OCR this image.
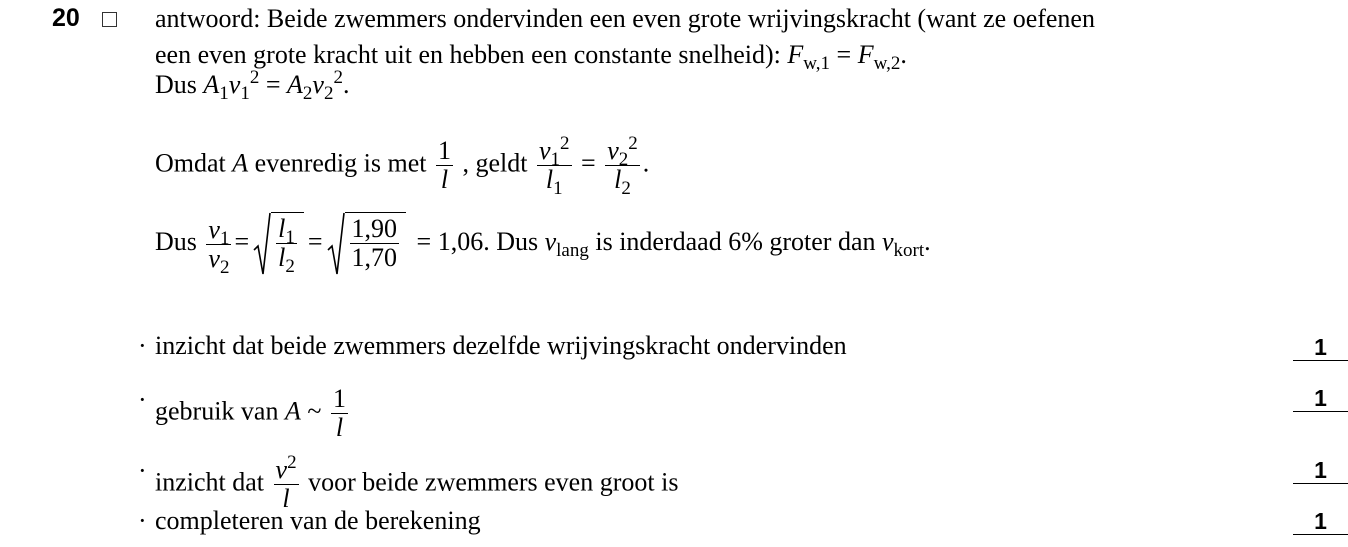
20	antwoord: Beide zwemmers ondervinden een even grote wrijvingskracht (want ze oefenen
een even grote kracht uit en hebben een constante snelheid): $F_{w,1} = F_{w,2}$.
Dus $A_1v_1^2 = A_2v_2^2$.
Omdat A evenredig is met $\frac{1}{l}$ , geldt $\frac{v_1^2}{l_1} = \frac{v_2^2}{l_2}$ .
Dus $\frac{v_1}{v_2} = \frac{l_1}{l_2} = \frac{1,90}{1,70} = 1,06$. Dus $v_{lang}$ is inderdaad 6% groter dan $v_{kort}$.
· inzicht dat beide zwemmers dezelfde wrijvingskracht ondervinden	1
· gebruik van A ~ $\frac{1}{l}$	1
· inzicht dat $\frac{v^2}{l}$ voor beide zwemmers even groot is	1
· completeren van de berekening	1
